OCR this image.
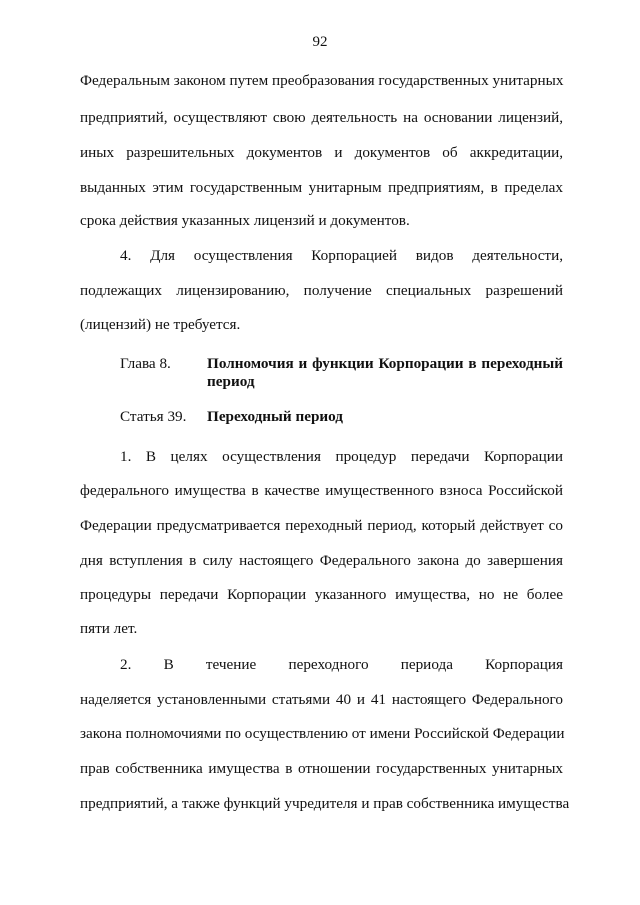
92
Федеральным законом путем преобразования государственных унитарных
предприятий, осуществляют свою деятельность на основании лицензий,
иных разрешительных документов и документов об аккредитации,
выданных этим государственным унитарным предприятиям, в пределах
срока действия указанных лицензий и документов.
4. Для осуществления Корпорацией видов деятельности,
подлежащих лицензированию, получение специальных разрешений
(лицензий) не требуется.
Глава 8. Полномочия и функции Корпорации в переходный
период
Статья 39. Переходный период
1. В целях осуществления процедур передачи Корпорации
федерального имущества в качестве имущественного взноса Российской
Федерации предусматривается переходный период, который действует со
дня вступления в силу настоящего Федерального закона до завершения
процедуры передачи Корпорации указанного имущества, но не более
пяти лет.
2. В течение переходного периода Корпорация
наделяется установленными статьями 40 и 41 настоящего Федерального
закона полномочиями по осуществлению от имени Российской Федерации
прав собственника имущества в отношении государственных унитарных
предприятий, а также функций учредителя и прав собственника имущества
